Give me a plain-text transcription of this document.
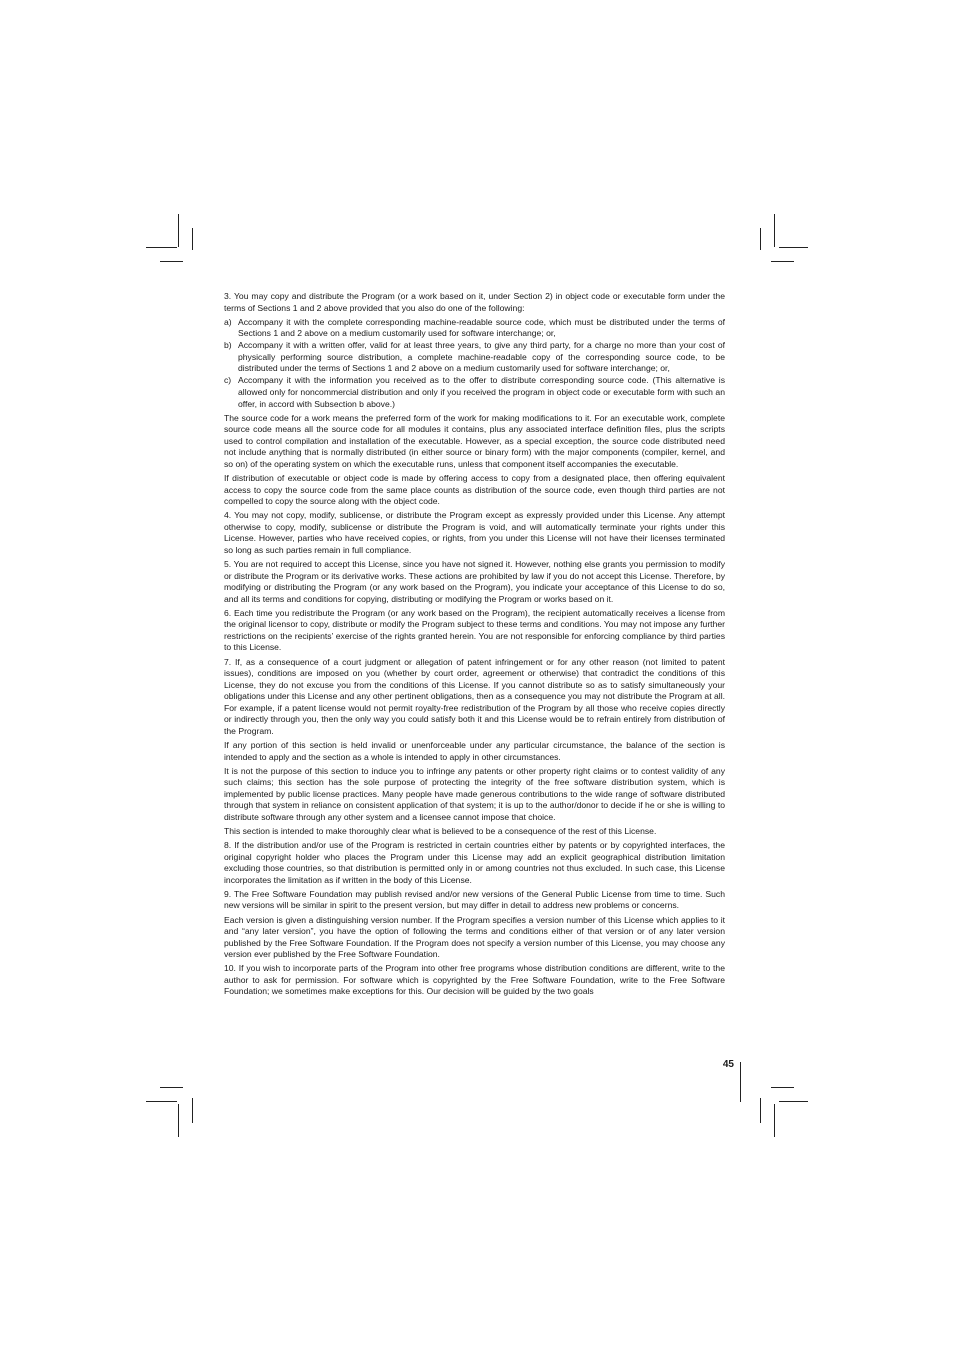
3. You may copy and distribute the Program (or a work based on it, under Section 2) in object code or executable form under the terms of Sections 1 and 2 above provided that you also do one of the following:

a) Accompany it with the complete corresponding machine-readable source code, which must be distributed under the terms of Sections 1 and 2 above on a medium customarily used for software interchange; or,
b) Accompany it with a written offer, valid for at least three years, to give any third party, for a charge no more than your cost of physically performing source distribution, a complete machine-readable copy of the corresponding source code, to be distributed under the terms of Sections 1 and 2 above on a medium customarily used for software interchange; or,
c) Accompany it with the information you received as to the offer to distribute corresponding source code. (This alternative is allowed only for noncommercial distribution and only if you received the program in object code or executable form with such an offer, in accord with Subsection b above.)

The source code for a work means the preferred form of the work for making modifications to it. For an executable work, complete source code means all the source code for all modules it contains, plus any associated interface definition files, plus the scripts used to control compilation and installation of the executable. However, as a special exception, the source code distributed need not include anything that is normally distributed (in either source or binary form) with the major components (compiler, kernel, and so on) of the operating system on which the executable runs, unless that component itself accompanies the executable.

If distribution of executable or object code is made by offering access to copy from a designated place, then offering equivalent access to copy the source code from the same place counts as distribution of the source code, even though third parties are not compelled to copy the source along with the object code.

4. You may not copy, modify, sublicense, or distribute the Program except as expressly provided under this License. Any attempt otherwise to copy, modify, sublicense or distribute the Program is void, and will automatically terminate your rights under this License. However, parties who have received copies, or rights, from you under this License will not have their licenses terminated so long as such parties remain in full compliance.

5. You are not required to accept this License, since you have not signed it. However, nothing else grants you permission to modify or distribute the Program or its derivative works. These actions are prohibited by law if you do not accept this License. Therefore, by modifying or distributing the Program (or any work based on the Program), you indicate your acceptance of this License to do so, and all its terms and conditions for copying, distributing or modifying the Program or works based on it.

6. Each time you redistribute the Program (or any work based on the Program), the recipient automatically receives a license from the original licensor to copy, distribute or modify the Program subject to these terms and conditions. You may not impose any further restrictions on the recipients’ exercise of the rights granted herein. You are not responsible for enforcing compliance by third parties to this License.

7. If, as a consequence of a court judgment or allegation of patent infringement or for any other reason (not limited to patent issues), conditions are imposed on you (whether by court order, agreement or otherwise) that contradict the conditions of this License, they do not excuse you from the conditions of this License. If you cannot distribute so as to satisfy simultaneously your obligations under this License and any other pertinent obligations, then as a consequence you may not distribute the Program at all. For example, if a patent license would not permit royalty-free redistribution of the Program by all those who receive copies directly or indirectly through you, then the only way you could satisfy both it and this License would be to refrain entirely from distribution of the Program.

If any portion of this section is held invalid or unenforceable under any particular circumstance, the balance of the section is intended to apply and the section as a whole is intended to apply in other circumstances.

It is not the purpose of this section to induce you to infringe any patents or other property right claims or to contest validity of any such claims; this section has the sole purpose of protecting the integrity of the free software distribution system, which is implemented by public license practices. Many people have made generous contributions to the wide range of software distributed through that system in reliance on consistent application of that system; it is up to the author/donor to decide if he or she is willing to distribute software through any other system and a licensee cannot impose that choice.

This section is intended to make thoroughly clear what is believed to be a consequence of the rest of this License.

8. If the distribution and/or use of the Program is restricted in certain countries either by patents or by copyrighted interfaces, the original copyright holder who places the Program under this License may add an explicit geographical distribution limitation excluding those countries, so that distribution is permitted only in or among countries not thus excluded. In such case, this License incorporates the limitation as if written in the body of this License.

9. The Free Software Foundation may publish revised and/or new versions of the General Public License from time to time. Such new versions will be similar in spirit to the present version, but may differ in detail to address new problems or concerns.

Each version is given a distinguishing version number. If the Program specifies a version number of this License which applies to it and “any later version”, you have the option of following the terms and conditions either of that version or of any later version published by the Free Software Foundation. If the Program does not specify a version number of this License, you may choose any version ever published by the Free Software Foundation.

10. If you wish to incorporate parts of the Program into other free programs whose distribution conditions are different, write to the author to ask for permission. For software which is copyrighted by the Free Software Foundation, write to the Free Software Foundation; we sometimes make exceptions for this. Our decision will be guided by the two goals

45
